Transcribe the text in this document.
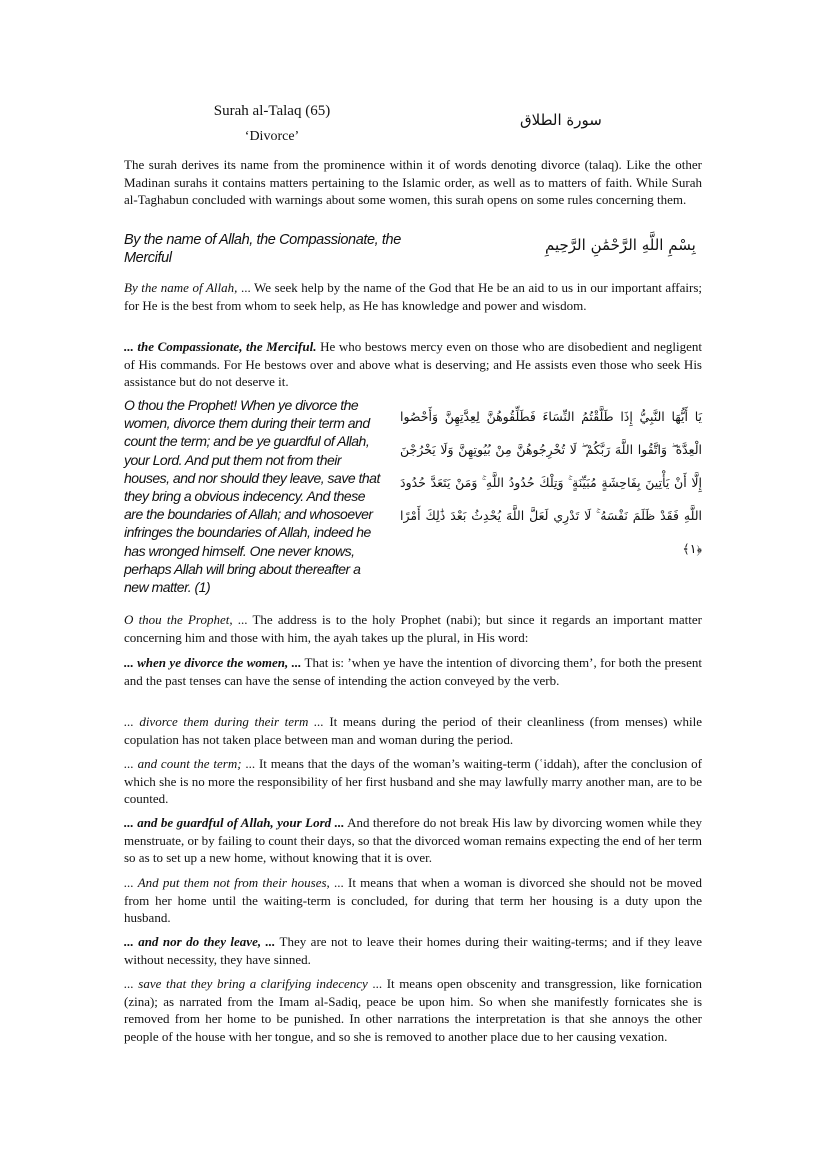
Surah al-Talaq (65)
‘Divorce’
سورة الطلاق

The surah derives its name from the prominence within it of words denoting divorce (talaq). Like the other Madinan surahs it contains matters pertaining to the Islamic order, as well as to matters of faith. While Surah al-Taghabun concluded with warnings about some women, this surah opens on some rules concerning them.

By the name of Allah, the Compassionate, the Merciful
بِسْمِ اللَّهِ الرَّحْمَٰنِ الرَّحِيمِ

By the name of Allah, ... We seek help by the name of the God that He be an aid to us in our important affairs; for He is the best from whom to seek help, as He has knowledge and power and wisdom.

... the Compassionate, the Merciful. He who bestows mercy even on those who are disobedient and negligent of His commands. For He bestows over and above what is deserving; and He assists even those who seek His assistance but do not deserve it.

O thou the Prophet! When ye divorce the women, divorce them during their term and count the term; and be ye guardful of Allah, your Lord. And put them not from their houses, and nor should they leave, save that they bring a obvious indecency. And these are the boundaries of Allah; and whosoever infringes the boundaries of Allah, indeed he has wronged himself. One never knows, perhaps Allah will bring about thereafter a new matter. (1)
يَا أَيُّهَا النَّبِيُّ إِذَا طَلَّقْتُمُ النِّسَاءَ فَطَلِّقُوهُنَّ لِعِدَّتِهِنَّ وَأَحْصُوا الْعِدَّةَ ۖ وَاتَّقُوا اللَّهَ رَبَّكُمْ ۖ لَا تُخْرِجُوهُنَّ مِنْ بُيُوتِهِنَّ وَلَا يَخْرُجْنَ إِلَّا أَنْ يَأْتِينَ بِفَاحِشَةٍ مُبَيِّنَةٍ ۚ وَتِلْكَ حُدُودُ اللَّهِ ۚ وَمَنْ يَتَعَدَّ حُدُودَ اللَّهِ فَقَدْ ظَلَمَ نَفْسَهُ ۚ لَا تَدْرِي لَعَلَّ اللَّهَ يُحْدِثُ بَعْدَ ذَٰلِكَ أَمْرًا ﴿١﴾

O thou the Prophet, ... The address is to the holy Prophet (nabi); but since it regards an important matter concerning him and those with him, the ayah takes up the plural, in His word:

... when ye divorce the women, ... That is: ’when ye have the intention of divorcing them’, for both the present and the past tenses can have the sense of intending the action conveyed by the verb.

... divorce them during their term ... It means during the period of their cleanliness (from menses) while copulation has not taken place between man and woman during the period.

... and count the term; ... It means that the days of the woman’s waiting-term (ʿiddah), after the conclusion of which she is no more the responsibility of her first husband and she may lawfully marry another man, are to be counted.

... and be guardful of Allah, your Lord ... And therefore do not break His law by divorcing women while they menstruate, or by failing to count their days, so that the divorced woman remains expecting the end of her term so as to set up a new home, without knowing that it is over.

... And put them not from their houses, ... It means that when a woman is divorced she should not be moved from her home until the waiting-term is concluded, for during that term her housing is a duty upon the husband.

... and nor do they leave, ... They are not to leave their homes during their waiting-terms; and if they leave without necessity, they have sinned.

... save that they bring a clarifying indecency ... It means open obscenity and transgression, like fornication (zina); as narrated from the Imam al-Sadiq, peace be upon him. So when she manifestly fornicates she is removed from her home to be punished. In other narrations the interpretation is that she annoys the other people of the house with her tongue, and so she is removed to another place due to her causing vexation.
